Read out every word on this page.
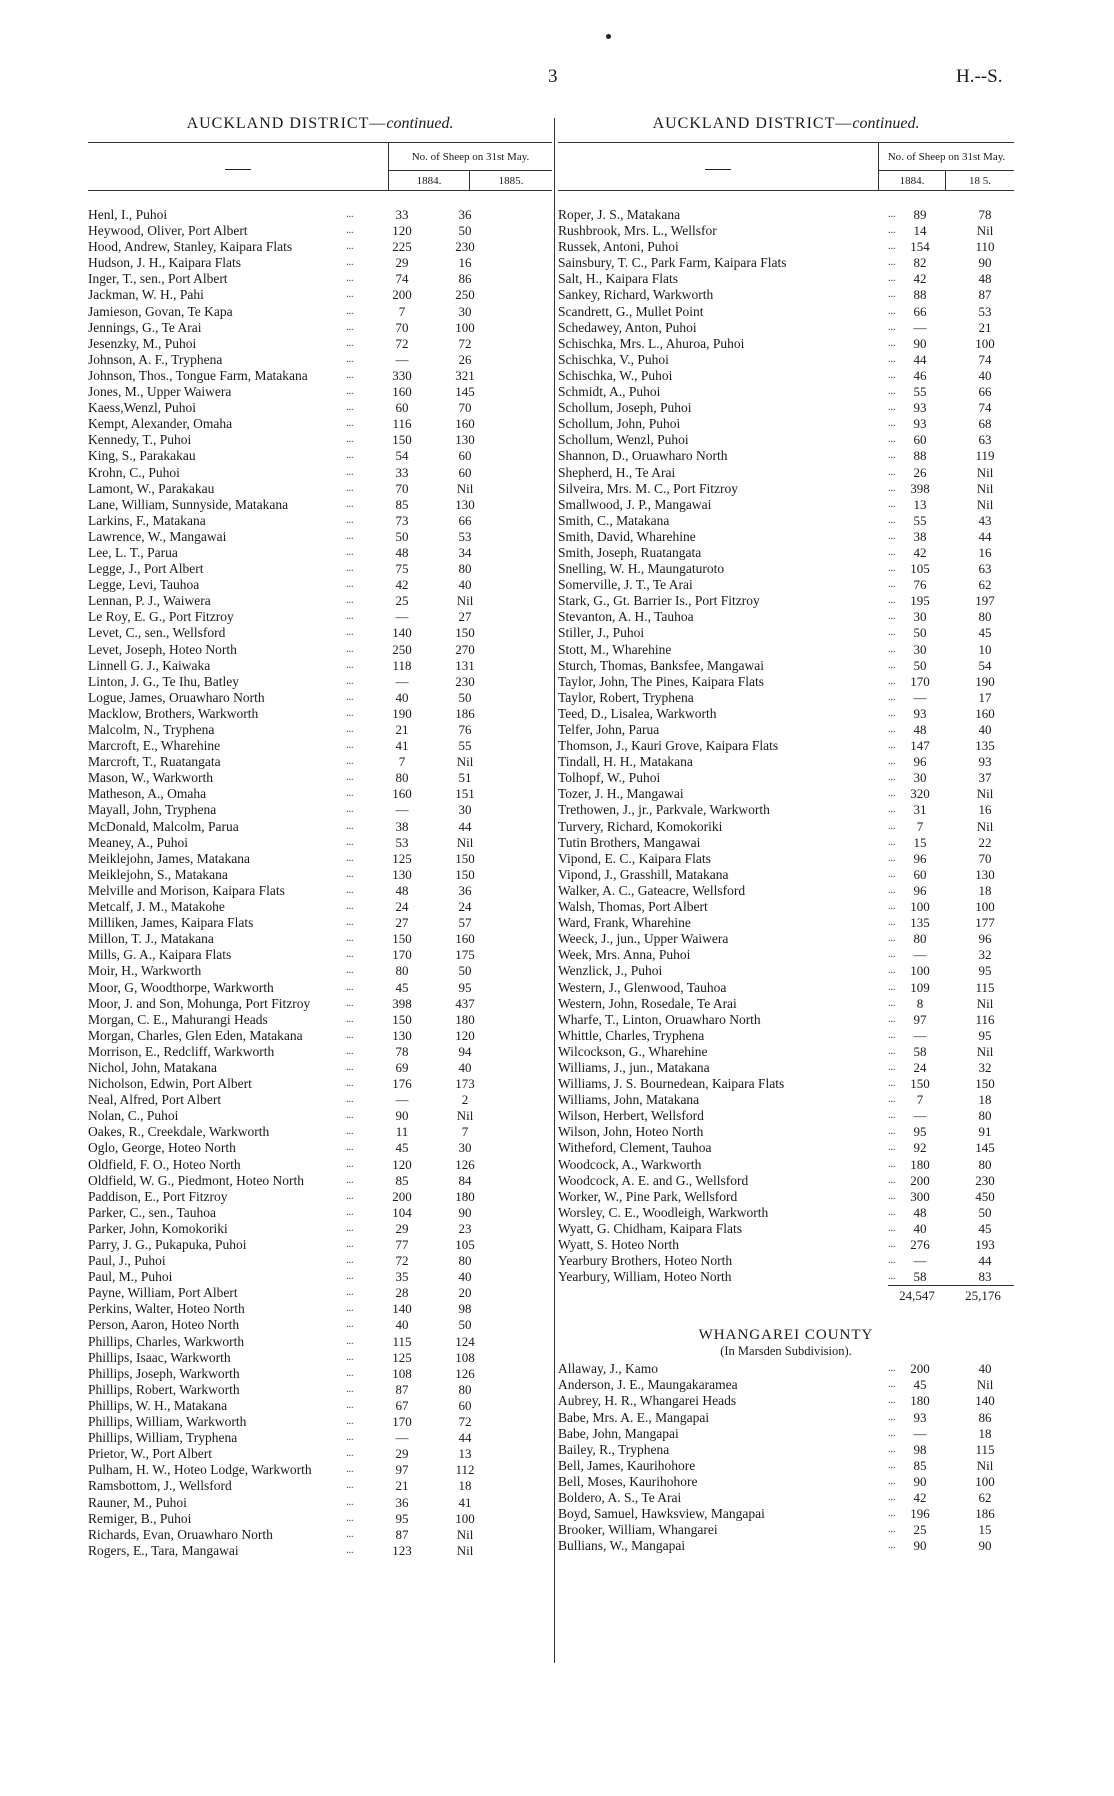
3	H.--S.
AUCKLAND DISTRICT—continued.
	No. of Sheep on 31st May.	
	1884.	1885.
Henl, I., Puhoi	...	33	36
Heywood, Oliver, Port Albert	...	120	50
Hood, Andrew, Stanley, Kaipara Flats	...	225	230
Hudson, J. H., Kaipara Flats	...	29	16
Inger, T., sen., Port Albert	...	74	86
Jackman, W. H., Pahi	...	200	250
Jamieson, Govan, Te Kapa	...	7	30
Jennings, G., Te Arai	...	70	100
Jesenzky, M., Puhoi	...	72	72
Johnson, A. F., Tryphena	...	—	26
Johnson, Thos., Tongue Farm, Matakana	...	330	321
Jones, M., Upper Waiwera	...	160	145
Kaess,Wenzl, Puhoi	...	60	70
Kempt, Alexander, Omaha	...	116	160
Kennedy, T., Puhoi	...	150	130
King, S., Parakakau	...	54	60
Krohn, C., Puhoi	...	33	60
Lamont, W., Parakakau	...	70	Nil
Lane, William, Sunnyside, Matakana	...	85	130
Larkins, F., Matakana	...	73	66
Lawrence, W., Mangawai	...	50	53
Lee, L. T., Parua	...	48	34
Legge, J., Port Albert	...	75	80
Legge, Levi, Tauhoa	...	42	40
Lennan, P. J., Waiwera	...	25	Nil
Le Roy, E. G., Port Fitzroy	...	—	27
Levet, C., sen., Wellsford	...	140	150
Levet, Joseph, Hoteo North	...	250	270
Linnell G. J., Kaiwaka	...	118	131
Linton, J. G., Te Ihu, Batley	...	—	230
Logue, James, Oruawharo North	...	40	50
Macklow, Brothers, Warkworth	...	190	186
Malcolm, N., Tryphena	...	21	76
Marcroft, E., Wharehine	...	41	55
Marcroft, T., Ruatangata	...	7	Nil
Mason, W., Warkworth	...	80	51
Matheson, A., Omaha	...	160	151
Mayall, John, Tryphena	...	—	30
McDonald, Malcolm, Parua	...	38	44
Meaney, A., Puhoi	...	53	Nil
Meiklejohn, James, Matakana	...	125	150
Meiklejohn, S., Matakana	...	130	150
Melville and Morison, Kaipara Flats	...	48	36
Metcalf, J. M., Matakohe	...	24	24
Milliken, James, Kaipara Flats	...	27	57
Millon, T. J., Matakana	...	150	160
Mills, G. A., Kaipara Flats	...	170	175
Moir, H., Warkworth	...	80	50
Moor, G, Woodthorpe, Warkworth	...	45	95
Moor, J. and Son, Mohunga, Port Fitzroy	...	398	437
Morgan, C. E., Mahurangi Heads	...	150	180
Morgan, Charles, Glen Eden, Matakana	...	130	120
Morrison, E., Redcliff, Warkworth	...	78	94
Nichol, John, Matakana	...	69	40
Nicholson, Edwin, Port Albert	...	176	173
Neal, Alfred, Port Albert	...	—	2
Nolan, C., Puhoi	...	90	Nil
Oakes, R., Creekdale, Warkworth	...	11	7
Oglo, George, Hoteo North	...	45	30
Oldfield, F. O., Hoteo North	...	120	126
Oldfield, W. G., Piedmont, Hoteo North	...	85	84
Paddison, E., Port Fitzroy	...	200	180
Parker, C., sen., Tauhoa	...	104	90
Parker, John, Komokoriki	...	29	23
Parry, J. G., Pukapuka, Puhoi	...	77	105
Paul, J., Puhoi	...	72	80
Paul, M., Puhoi	...	35	40
Payne, William, Port Albert	...	28	20
Perkins, Walter, Hoteo North	...	140	98
Person, Aaron, Hoteo North	...	40	50
Phillips, Charles, Warkworth	...	115	124
Phillips, Isaac, Warkworth	...	125	108
Phillips, Joseph, Warkworth	...	108	126
Phillips, Robert, Warkworth	...	87	80
Phillips, W. H., Matakana	...	67	60
Phillips, William, Warkworth	...	170	72
Phillips, William, Tryphena	...	—	44
Prietor, W., Port Albert	...	29	13
Pulham, H. W., Hoteo Lodge, Warkworth	...	97	112
Ramsbottom, J., Wellsford	...	21	18
Rauner, M., Puhoi	...	36	41
Remiger, B., Puhoi	...	95	100
Richards, Evan, Oruawharo North	...	87	Nil
Rogers, E., Tara, Mangawai	...	123	Nil
AUCKLAND DISTRICT—continued.
	No. of Sheep on 31st May.	
	1884.	18 5.
Roper, J. S., Matakana	...	89	78
Rushbrook, Mrs. L., Wellsfor	...	14	Nil
Russek, Antoni, Puhoi	...	154	110
Sainsbury, T. C., Park Farm, Kaipara Flats	...	82	90
Salt, H., Kaipara Flats	...	42	48
Sankey, Richard, Warkworth	...	88	87
Scandrett, G., Mullet Point	...	66	53
Schedawey, Anton, Puhoi	...	—	21
Schischka, Mrs. L., Ahuroa, Puhoi	...	90	100
Schischka, V., Puhoi	...	44	74
Schischka, W., Puhoi	...	46	40
Schmidt, A., Puhoi	...	55	66
Schollum, Joseph, Puhoi	...	93	74
Schollum, John, Puhoi	...	93	68
Schollum, Wenzl, Puhoi	...	60	63
Shannon, D., Oruawharo North	...	88	119
Shepherd, H., Te Arai	...	26	Nil
Silveira, Mrs. M. C., Port Fitzroy	...	398	Nil
Smallwood, J. P., Mangawai	...	13	Nil
Smith, C., Matakana	...	55	43
Smith, David, Wharehine	...	38	44
Smith, Joseph, Ruatangata	...	42	16
Snelling, W. H., Maungaturoto	...	105	63
Somerville, J. T., Te Arai	...	76	62
Stark, G., Gt. Barrier Is., Port Fitzroy	...	195	197
Stevanton, A. H., Tauhoa	...	30	80
Stiller, J., Puhoi	...	50	45
Stott, M., Wharehine	...	30	10
Sturch, Thomas, Banksfee, Mangawai	...	50	54
Taylor, John, The Pines, Kaipara Flats	...	170	190
Taylor, Robert, Tryphena	...	—	17
Teed, D., Lisalea, Warkworth	...	93	160
Telfer, John, Parua	...	48	40
Thomson, J., Kauri Grove, Kaipara Flats	...	147	135
Tindall, H. H., Matakana	...	96	93
Tolhopf, W., Puhoi	...	30	37
Tozer, J. H., Mangawai	...	320	Nil
Trethowen, J., jr., Parkvale, Warkworth	...	31	16
Turvery, Richard, Komokoriki	...	7	Nil
Tutin Brothers, Mangawai	...	15	22
Vipond, E. C., Kaipara Flats	...	96	70
Vipond, J., Grasshill, Matakana	...	60	130
Walker, A. C., Gateacre, Wellsford	...	96	18
Walsh, Thomas, Port Albert	...	100	100
Ward, Frank, Wharehine	...	135	177
Weeck, J., jun., Upper Waiwera	...	80	96
Week, Mrs. Anna, Puhoi	...	—	32
Wenzlick, J., Puhoi	...	100	95
Western, J., Glenwood, Tauhoa	...	109	115
Western, John, Rosedale, Te Arai	...	8	Nil
Wharfe, T., Linton, Oruawharo North	...	97	116
Whittle, Charles, Tryphena	...	—	95
Wilcockson, G., Wharehine	...	58	Nil
Williams, J., jun., Matakana	...	24	32
Williams, J. S. Bournedean, Kaipara Flats	...	150	150
Williams, John, Matakana	...	7	18
Wilson, Herbert, Wellsford	...	—	80
Wilson, John, Hoteo North	...	95	91
Witheford, Clement, Tauhoa	...	92	145
Woodcock, A., Warkworth	...	180	80
Woodcock, A. E. and G., Wellsford	...	200	230
Worker, W., Pine Park, Wellsford	...	300	450
Worsley, C. E., Woodleigh, Warkworth	...	48	50
Wyatt, G. Chidham, Kaipara Flats	...	40	45
Wyatt, S. Hoteo North	...	276	193
Yearbury Brothers, Hoteo North	...	—	44
Yearbury, William, Hoteo North	...	58	83
24,547	25,176
WHANGAREI COUNTY
(In Marsden Subdivision).
Allaway, J., Kamo	...	200	40
Anderson, J. E., Maungakaramea	...	45	Nil
Aubrey, H. R., Whangarei Heads	...	180	140
Babe, Mrs. A. E., Mangapai	...	93	86
Babe, John, Mangapai	...	—	18
Bailey, R., Tryphena	...	98	115
Bell, James, Kaurihohore	...	85	Nil
Bell, Moses, Kaurihohore	...	90	100
Boldero, A. S., Te Arai	...	42	62
Boyd, Samuel, Hawksview, Mangapai	...	196	186
Brooker, William, Whangarei	...	25	15
Bullians, W., Mangapai	...	90	90
